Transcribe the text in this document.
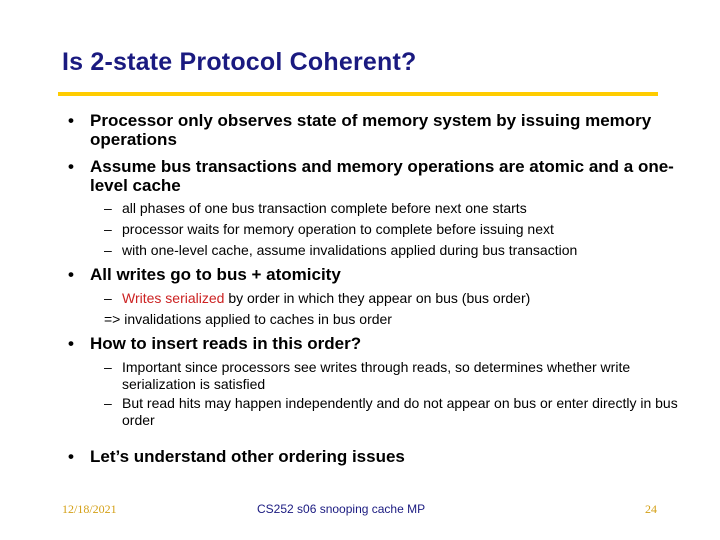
Is 2-state Protocol Coherent?
• Processor only observes state of memory system by issuing memory operations
• Assume bus transactions and memory operations are atomic and a one-level cache
– all phases of one bus transaction complete before next one starts
– processor waits for memory operation to complete before issuing next
– with one-level cache, assume invalidations applied during bus transaction
• All writes go to bus + atomicity
– Writes serialized by order in which they appear on bus (bus order)
=> invalidations applied to caches in bus order
• How to insert reads in this order?
– Important since processors see writes through reads, so determines whether write serialization is satisfied
– But read hits may happen independently and do not appear on bus or enter directly in bus order
• Let’s understand other ordering issues
12/18/2021	CS252 s06 snooping cache MP	24
